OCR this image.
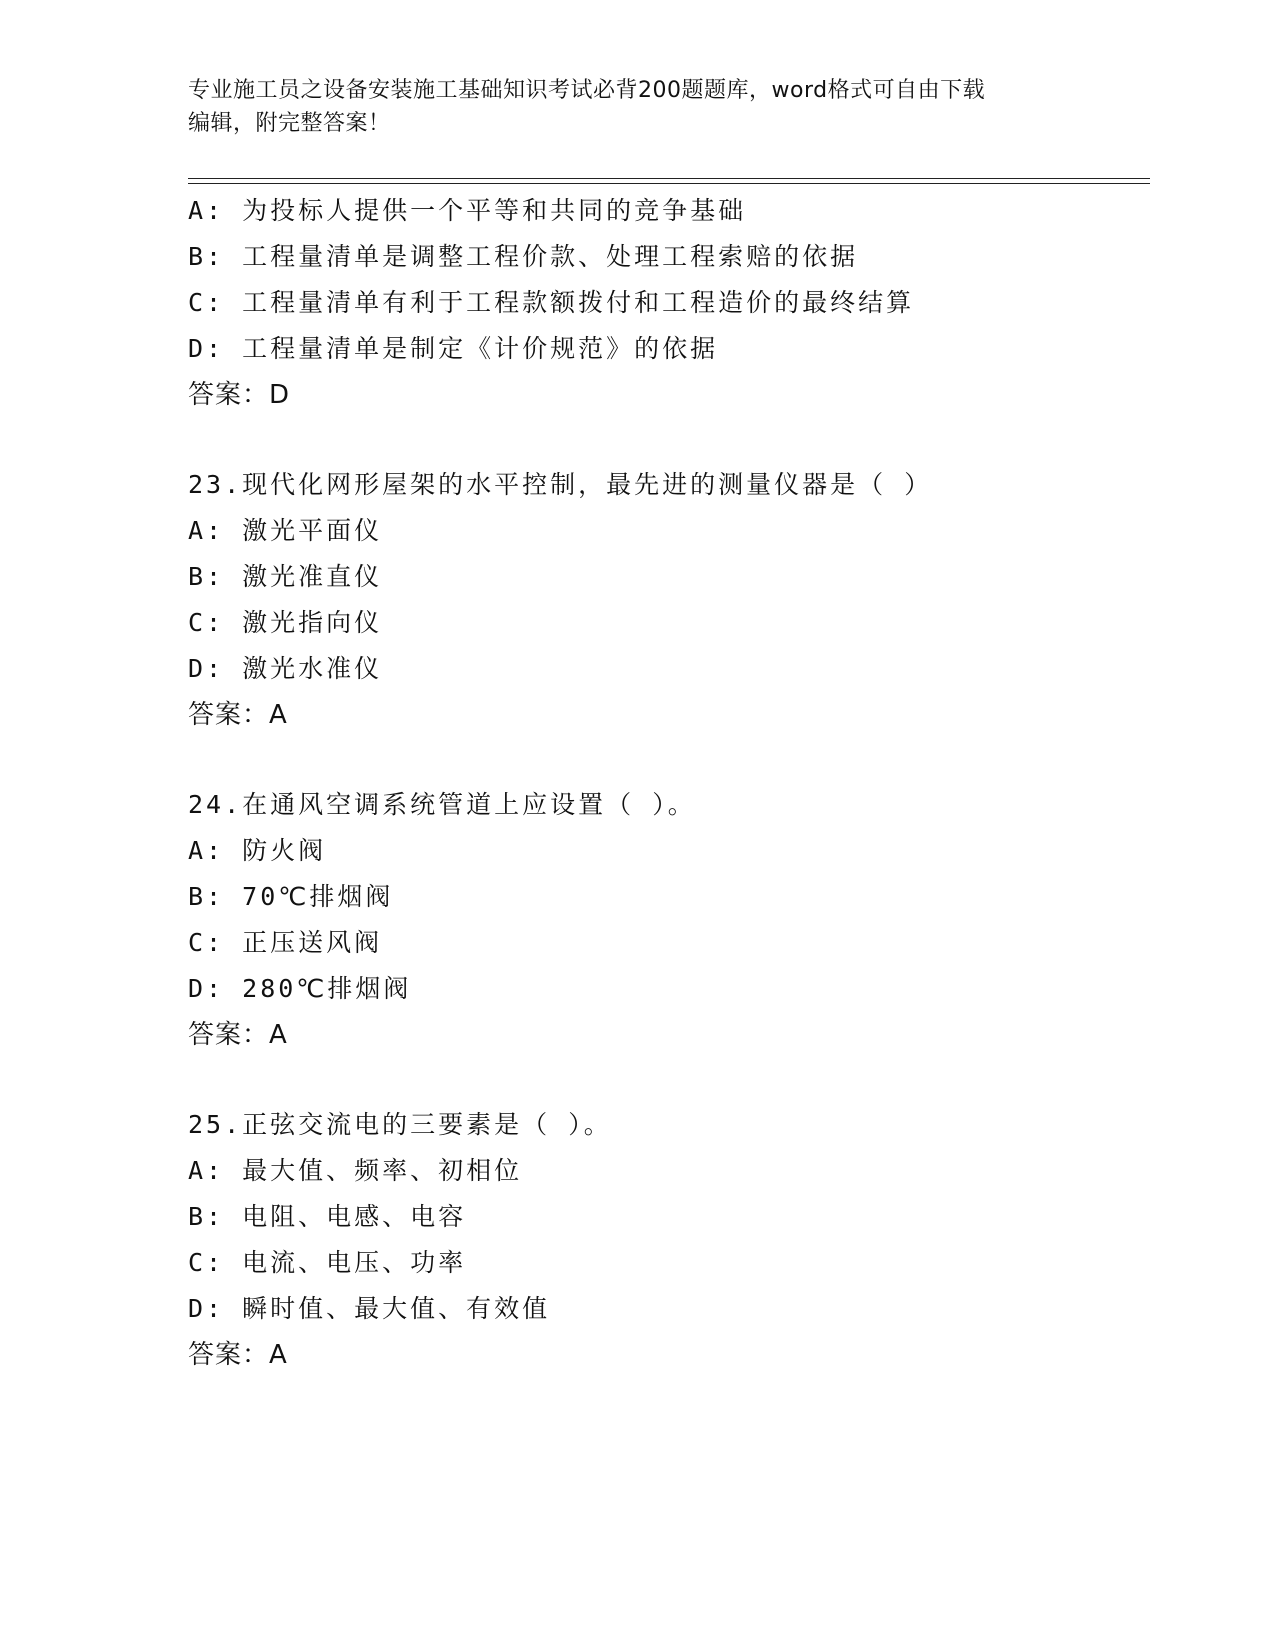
专业施工员之设备安装施工基础知识考试必背200题题库，word格式可自由下载
编辑，附完整答案！
A: 为投标人提供一个平等和共同的竞争基础
B: 工程量清单是调整工程价款、处理工程索赔的依据
C: 工程量清单有利于工程款额拨付和工程造价的最终结算
D: 工程量清单是制定《计价规范》的依据
答案：D
23.现代化网形屋架的水平控制，最先进的测量仪器是（ ）
A: 激光平面仪
B: 激光准直仪
C: 激光指向仪
D: 激光水准仪
答案：A
24.在通风空调系统管道上应设置（ ）。
A: 防火阀
B: 70℃排烟阀
C: 正压送风阀
D: 280℃排烟阀
答案：A
25.正弦交流电的三要素是（ ）。
A: 最大值、频率、初相位
B: 电阻、电感、电容
C: 电流、电压、功率
D: 瞬时值、最大值、有效值
答案：A
